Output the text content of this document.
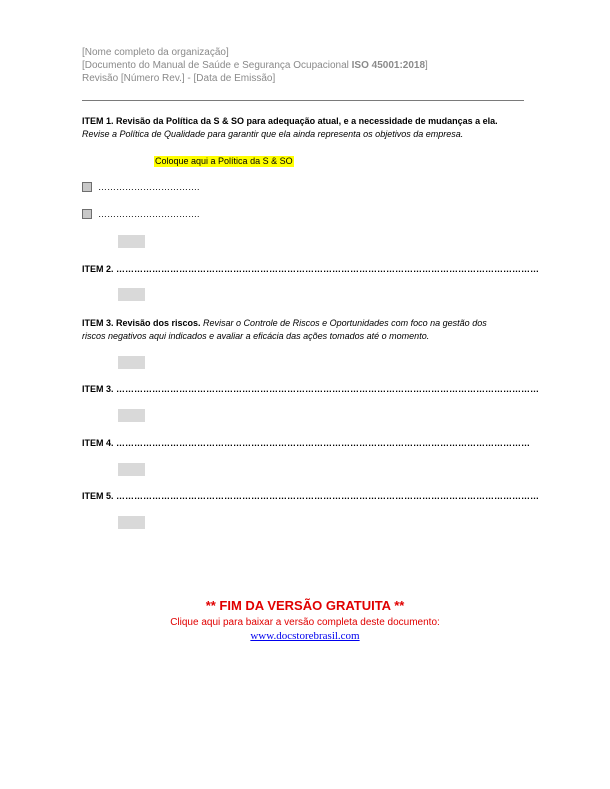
[Nome completo da organização]
[Documento do Manual de Saúde e Segurança Ocupacional ISO 45001:2018]
Revisão [Número Rev.] - [Data de Emissão]
ITEM 1. Revisão da Política da S & SO para adequação atual, e a necessidade de mudanças a ela.
Revise a Política de Qualidade para garantir que ela ainda representa os objetivos da empresa.
Coloque aqui a Política da S & SO
…………………………….
…………………………….
ITEM 2. ……………………………………………………………………………………………………………………………
ITEM 3. Revisão dos riscos. Revisar o Controle de Riscos e Oportunidades com foco na gestão dos
riscos negativos aqui indicados e avaliar a eficácia das ações tomados até o momento.
ITEM 3. ……………………………………………………………………………………………………………………………
ITEM 4. …………………………………………………………………………………………………………………………
ITEM 5. ……………………………………………………………………………………………………………………………
** FIM DA VERSÃO GRATUITA **
Clique aqui para baixar a versão completa deste documento:
www.docstorebrasil.com
